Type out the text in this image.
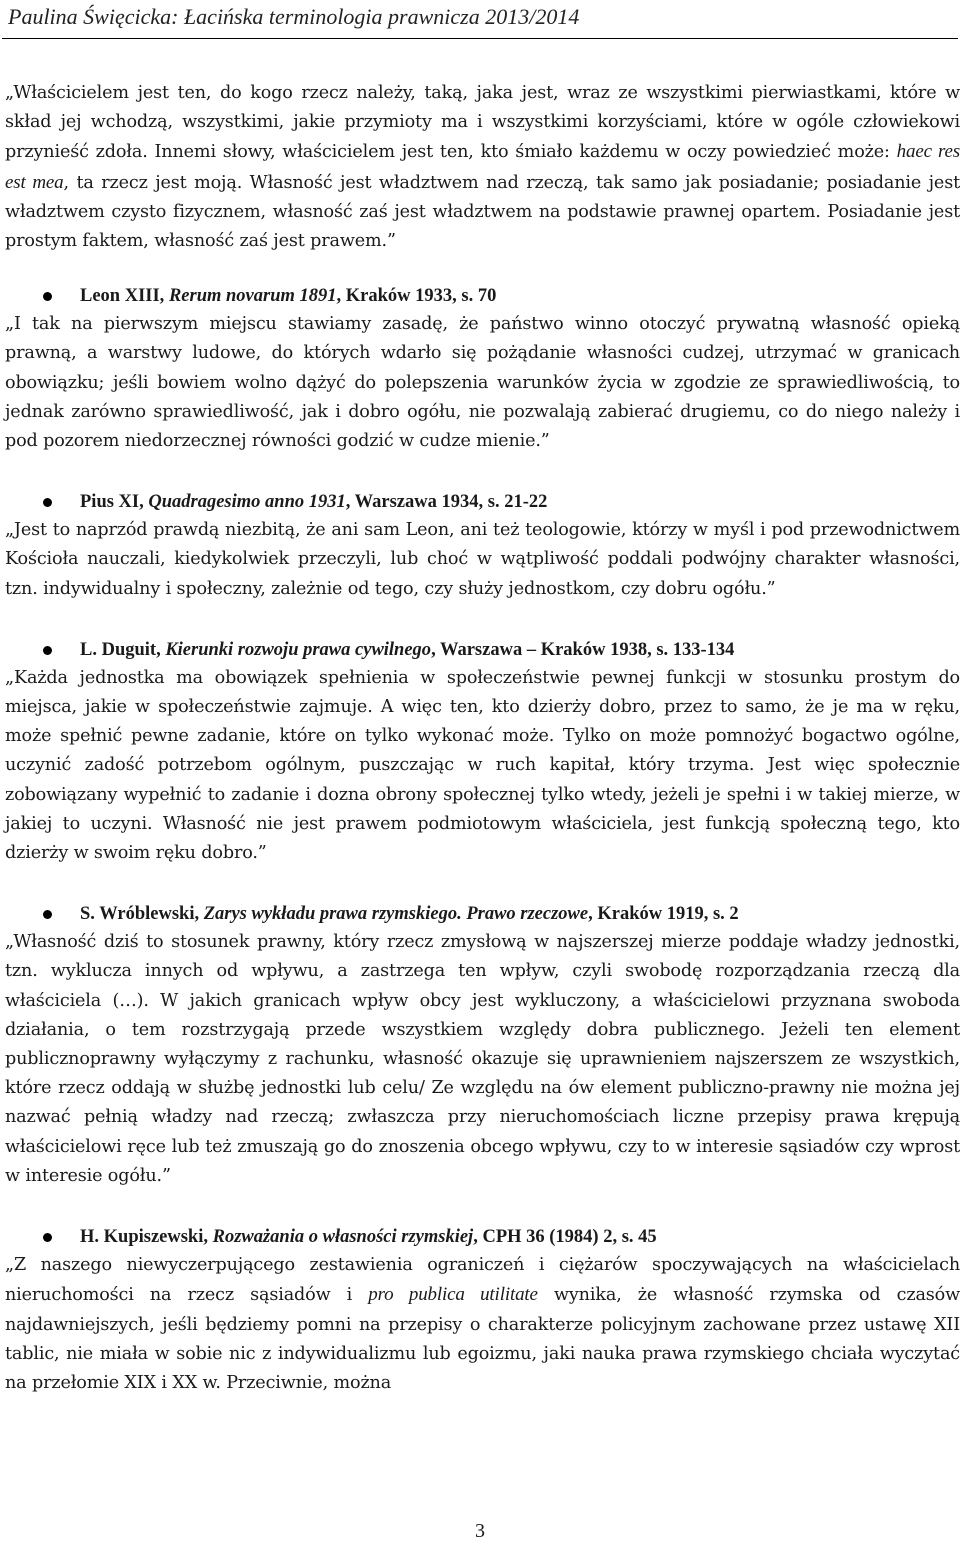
Paulina Święcicka: Łacińska terminologia prawnicza 2013/2014

„Właścicielem jest ten, do kogo rzecz należy, taką, jaka jest, wraz ze wszystkimi pierwiastkami, które w skład jej wchodzą, wszystkimi, jakie przymioty ma i wszystkimi korzyściami, które w ogóle człowiekowi przynieść zdoła. Innemi słowy, właścicielem jest ten, kto śmiało każdemu w oczy powiedzieć może: haec res est mea, ta rzecz jest moją. Własność jest władztwem nad rzeczą, tak samo jak posiadanie; posiadanie jest władztwem czysto fizycznem, własność zaś jest władztwem na podstawie prawnej opartem. Posiadanie jest prostym faktem, własność zaś jest prawem.”

Leon XIII, Rerum novarum 1891, Kraków 1933, s. 70

„I tak na pierwszym miejscu stawiamy zasadę, że państwo winno otoczyć prywatną własność opieką prawną, a warstwy ludowe, do których wdarło się pożądanie własności cudzej, utrzymać w granicach obowiązku; jeśli bowiem wolno dążyć do polepszenia warunków życia w zgodzie ze sprawiedliwością, to jednak zarówno sprawiedliwość, jak i dobro ogółu, nie pozwalają zabierać drugiemu, co do niego należy i pod pozorem niedorzecznej równości godzić w cudze mienie.”

Pius XI, Quadragesimo anno 1931, Warszawa 1934, s. 21-22

„Jest to naprzód prawdą niezbitą, że ani sam Leon, ani też teologowie, którzy w myśl i pod przewodnictwem Kościoła nauczali, kiedykolwiek przeczyli, lub choć w wątpliwość poddali podwójny charakter własności, tzn. indywidualny i społeczny, zależnie od tego, czy służy jednostkom, czy dobru ogółu.”

L. Duguit, Kierunki rozwoju prawa cywilnego, Warszawa – Kraków 1938, s. 133-134

„Każda jednostka ma obowiązek spełnienia w społeczeństwie pewnej funkcji w stosunku prostym do miejsca, jakie w społeczeństwie zajmuje. A więc ten, kto dzierży dobro, przez to samo, że je ma w ręku, może spełnić pewne zadanie, które on tylko wykonać może. Tylko on może pomnożyć bogactwo ogólne, uczynić zadość potrzebom ogólnym, puszczając w ruch kapitał, który trzyma. Jest więc społecznie zobowiązany wypełnić to zadanie i dozna obrony społecznej tylko wtedy, jeżeli je spełni i w takiej mierze, w jakiej to uczyni. Własność nie jest prawem podmiotowym właściciela, jest funkcją społeczną tego, kto dzierży w swoim ręku dobro.”

S. Wróblewski, Zarys wykładu prawa rzymskiego. Prawo rzeczowe, Kraków 1919, s. 2

„Własność dziś to stosunek prawny, który rzecz zmysłową w najszerszej mierze poddaje władzy jednostki, tzn. wyklucza innych od wpływu, a zastrzega ten wpływ, czyli swobodę rozporządzania rzeczą dla właściciela (…). W jakich granicach wpływ obcy jest wykluczony, a właścicielowi przyznana swoboda działania, o tem rozstrzygają przede wszystkiem względy dobra publicznego. Jeżeli ten element publicznoprawny wyłączymy z rachunku, własność okazuje się uprawnieniem najszerszem ze wszystkich, które rzecz oddają w służbę jednostki lub celu/ Ze względu na ów element publiczno-prawny nie można jej nazwać pełnią władzy nad rzeczą; zwłaszcza przy nieruchomościach liczne przepisy prawa krępują właścicielowi ręce lub też zmuszają go do znoszenia obcego wpływu, czy to w interesie sąsiadów czy wprost w interesie ogółu.”

H. Kupiszewski, Rozważania o własności rzymskiej, CPH 36 (1984) 2, s. 45

„Z naszego niewyczerpującego zestawienia ograniczeń i ciężarów spoczywających na właścicielach nieruchomości na rzecz sąsiadów i pro publica utilitate wynika, że własność rzymska od czasów najdawniejszych, jeśli będziemy pomni na przepisy o charakterze policyjnym zachowane przez ustawę XII tablic, nie miała w sobie nic z indywidualizmu lub egoizmu, jaki nauka prawa rzymskiego chciała wyczytać na przełomie XIX i XX w. Przeciwnie, można

3
